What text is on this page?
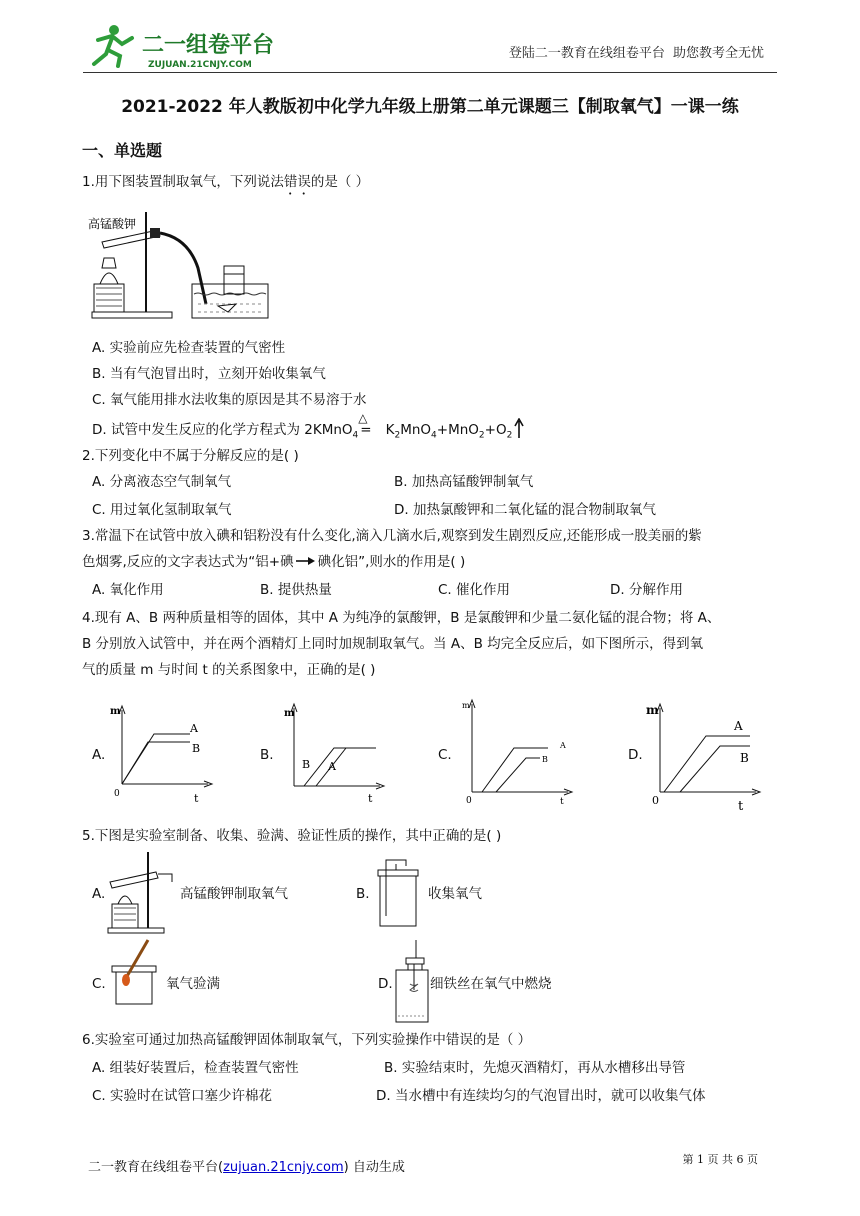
二一组卷平台
ZUJUAN.21CNJY.COM
登陆二一教育在线组卷平台 助您教考全无忧
2021-2022 年人教版初中化学九年级上册第二单元课题三【制取氧气】一课一练
一、单选题
1.用下图装置制取氧气，下列说法错误的是（ ）
高锰酸钾
A. 实验前应先检查装置的气密性
B. 当有气泡冒出时，立刻开始收集氧气
C. 氧气能用排水法收集的原因是其不易溶于水
D. 试管中发生反应的化学方程式为 2KMnO$_4$
△
= $K_2MnO_4+MnO_2+O_2$
2.下列变化中不属于分解反应的是( )
A. 分离液态空气制氧气	B. 加热高锰酸钾制氧气
C. 用过氧化氢制取氧气	D. 加热氯酸钾和二氧化锰的混合物制取氧气
3.常温下在试管中放入碘和铝粉没有什么变化,滴入几滴水后,观察到发生剧烈反应,还能形成一股美丽的紫
色烟雾,反应的文字表达式为“铝+碘 → 碘化铝”,则水的作用是( )
A. 氧化作用	B. 提供热量	C. 催化作用	D. 分解作用
4.现有 A、B 两种质量相等的固体，其中 A 为纯净的氯酸钾，B 是氯酸钾和少量二氨化锰的混合物；将 A、
B 分别放入试管中，并在两个酒精灯上同时加规制取氧气。当 A、B 均完全反应后，如下图所示，得到氧
气的质量 m 与时间 t 的关系图象中，正确的是( )
A.
m
t
0
A
B	B.
m
t
B A
C.
m
t
0
A
B	D.
m
t
0
A
B
5.下图是实验室制备、收集、验满、验证性质的操作，其中正确的是( )
A.	高锰酸钾制取氧气	B.	收集氧气
C.	氧气验满	D.	细铁丝在氧气中燃烧
6.实验室可通过加热高锰酸钾固体制取氧气，下列实验操作中错误的是（ ）
A. 组装好装置后，检查装置气密性	B. 实验结束时，先熄灭酒精灯，再从水槽移出导管
C. 实验时在试管口塞少许棉花	D. 当水槽中有连续均匀的气泡冒出时，就可以收集气体
二一教育在线组卷平台(zujuan.21cnjy.com) 自动生成
第 1 页 共 6 页
